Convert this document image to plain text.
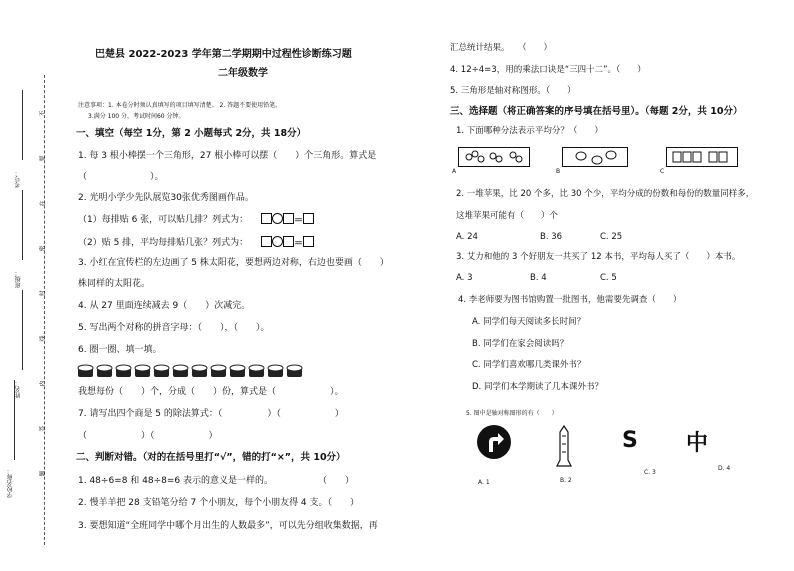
学校名称：
姓名：
班级：
考号：
不
要
在
密
封
线
内
答
题
巴楚县 2022-2023 学年第二学期期中过程性诊断练习题
二年级数学
注意事项：1. 本卷分时须认真填写的项目填写清楚。 2. 答题不要使用铅笔。
3.满分 100 分，考试时间60 分钟。
一、填空（每空 1分，第 2 小题每式 2分，共 18分）
1. 每 3 根小棒摆一个三角形，27 根小棒可以摆（　　）个三角形。算式是
（　　　　　　　）。
2. 光明小学少先队展览30张优秀图画作品。
（1）每排贴 6 张，可以贴几排？列式为：	＝
（2）贴 5 排，平均每排贴几张？列式为：	＝
3. 小红在宜传栏的左边画了 5 株太阳花，要想两边对称，右边也要画（　　）
株同样的太阳花。
4. 从 27 里面连续减去 9（　　）次减完。
5. 写出两个对称的拼音字母：（　　），（　　）。
6. 圈一圈、填一填。
我想每份（　　）个，分成（　　）份，算式是（　　　　　　）。
7. 请写出四个商是 5 的除法算式：（　　　　　）（　　　　　　）
（　　　　　　）（　　　　　　）
二、判断对错。（对的在括号里打“√”，错的打“×”，共 10分）
1. 48÷6=8 和 48÷8=6 表示的意义是一样的。　　　　　　（　　）
2. 慢羊羊把 28 支铅笔分给 7 个小朋友，每个小朋友得 4 支。（　　）
3. 要想知道“全班同学中哪个月出生的人数最多”，可以先分组收集数据，再
汇总统计结果。　　（　　）
4. 12÷4=3，用的乘法口诀是“三四十二”。（　　）
5. 三角形是轴对称图形。（　　）
三、选择题（将正确答案的序号填在括号里）。（每题 2分，共 10分）
1. 下面哪种分法表示平均分？（　　）
A	B	C
2. 一堆苹果，比 20 个多，比 30 个少，平均分成的份数和每份的数量同样多，
这堆苹果可能有（　　）个
A. 24	B. 36	C. 25
3. 艾力和他的 3 个好朋友一共买了 12 本书，平均每人买了（　　）本书。
A. 3	B. 4	C. 5
4. 李老师要为图书馆购置一批图书，他需要先调查（　　）
A. 同学们每天阅读多长时间？
B. 同学们在家会阅读吗？
C. 同学们喜欢哪几类课外书？
D. 同学们本学期读了几本课外书？
5. 图中是轴对称图形的有（　　）
S 中
A. 1	B. 2
C. 3
D. 4
